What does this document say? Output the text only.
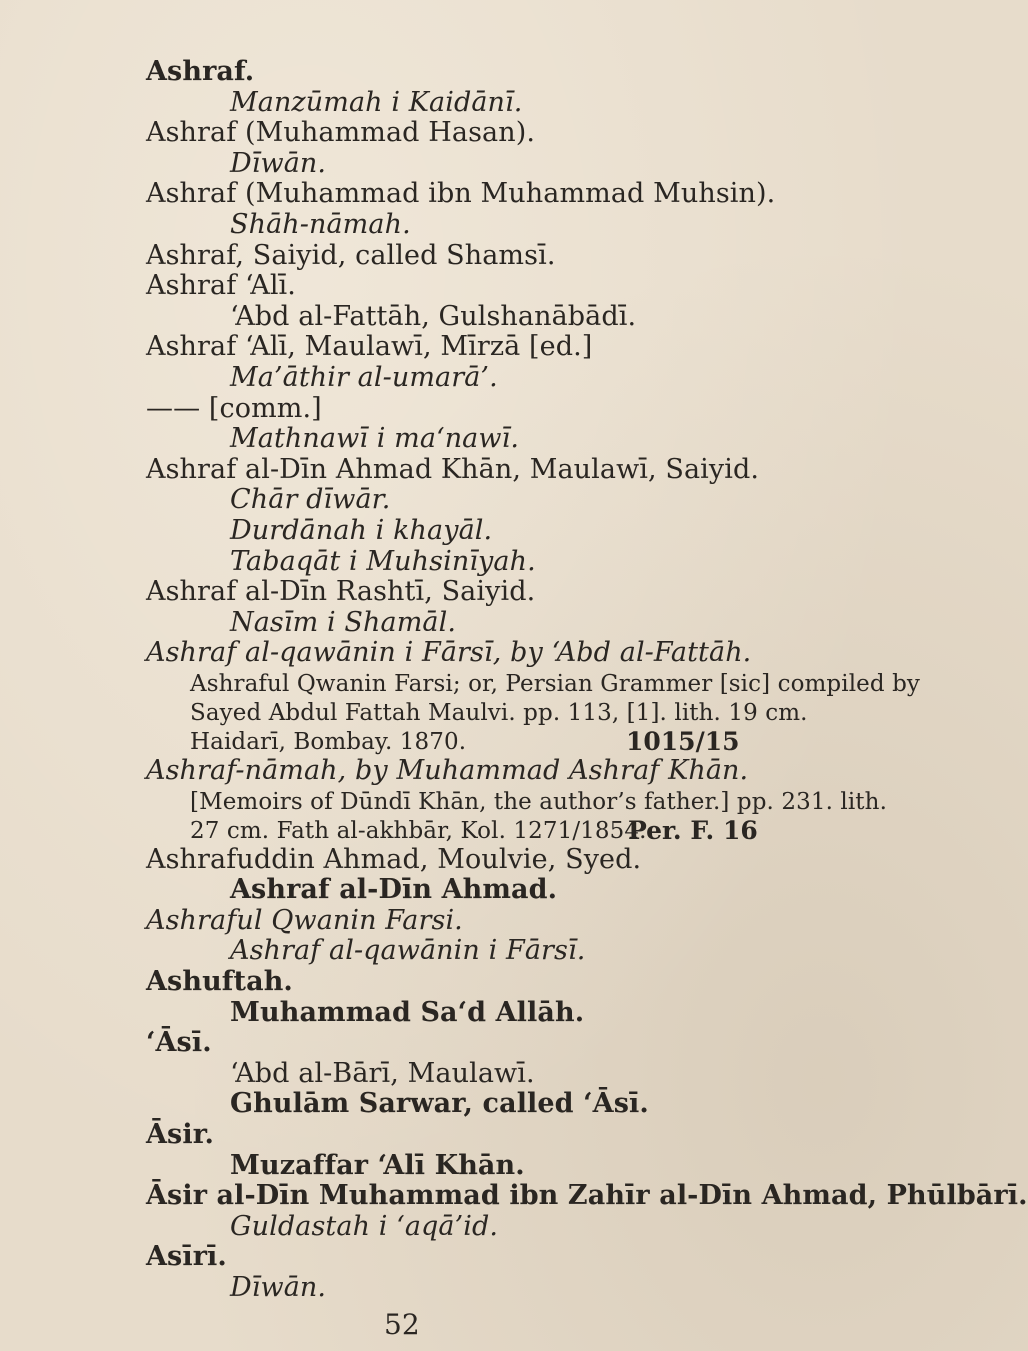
Ashraf.
Manzūmah i Kaidānī.
Ashraf (Muhammad Hasan).
Dīwān.
Ashraf (Muhammad ibn Muhammad Muhsin).
Shāh-nāmah.
Ashraf, Saiyid, called Shamsī.
Ashraf ‘Alī.
‘Abd al-Fattāh, Gulshanābādī.
Ashraf ‘Alī, Maulawī, Mīrzā [ed.]
Ma’āthir al-umarā’.
—— [comm.]
Mathnawī i ma‘nawī.
Ashraf al-Dīn Ahmad Khān, Maulawī, Saiyid.
Chār dīwār.
Durdānah i khayāl.
Tabaqāt i Muhsinīyah.
Ashraf al-Dīn Rashtī, Saiyid.
Nasīm i Shamāl.
Ashraf al-qawānin i Fārsī, by ‘Abd al-Fattāh.
Ashraful Qwanin Farsi; or, Persian Grammer [sic] compiled by
Sayed Abdul Fattah Maulvi. pp. 113, [1]. lith. 19 cm.
Haidarī, Bombay. 1870.	1015/15
Ashraf-nāmah, by Muhammad Ashraf Khān.
[Memoirs of Dūndī Khān, the author’s father.] pp. 231. lith.
27 cm. Fath al-akhbār, Kol. 1271/1854.
Per. F. 16
Ashrafuddin Ahmad, Moulvie, Syed.
Ashraf al-Dīn Ahmad.
Ashraful Qwanin Farsi.
Ashraf al-qawānin i Fārsī.
Ashuftah.
Muhammad Sa‘d Allāh.
‘Āsī.
‘Abd al-Bārī, Maulawī.
Ghulām Sarwar, called ‘Āsī.
Āsir.
Muzaffar ‘Alī Khān.
Āsir al-Dīn Muhammad ibn Zahīr al-Dīn Ahmad, Phūlbārī.
Guldastah i ‘aqā’id.
Asīrī.
Dīwān.
52
